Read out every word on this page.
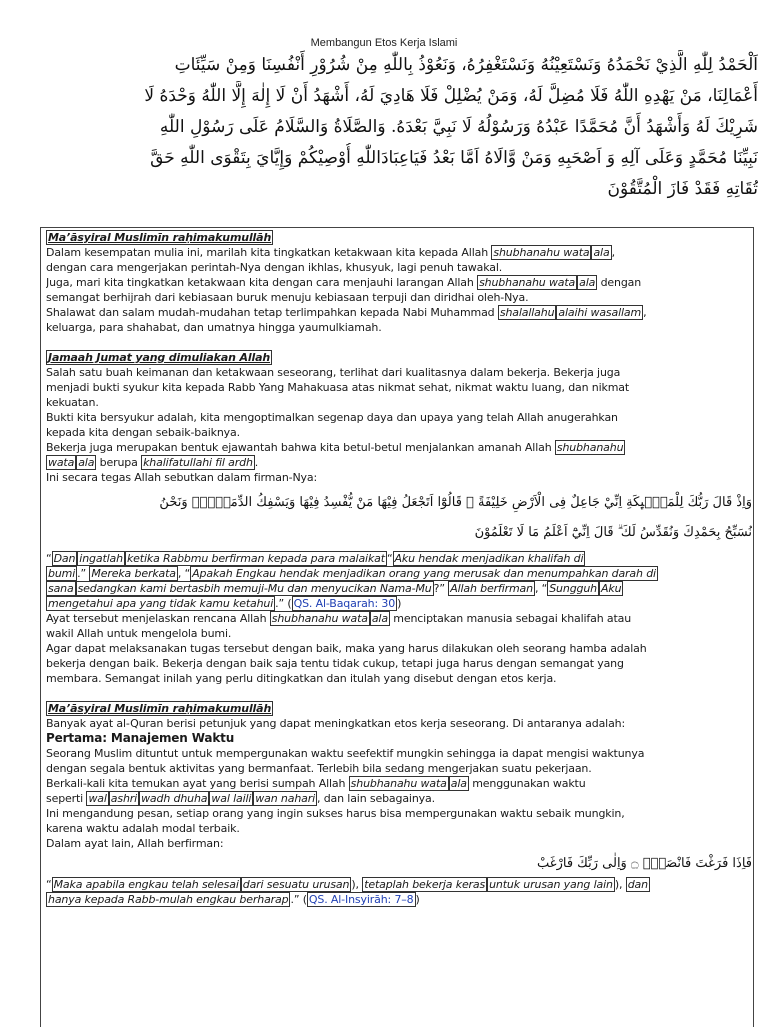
Membangun Etos Kerja Islami
اَلْحَمْدُ لِلّٰهِ الَّذِيْ نَحْمَدُهُ وَنَسْتَعِيْنُهُ وَنَسْتَغْفِرُهُ، وَنَعُوْذُ بِاللّٰهِ مِنْ شُرُوْرِ أَنْفُسِنَا وَمِنْ سَيِّئَاتِ
أَعْمَالِنَا، مَنْ يَهْدِهِ اللّٰهُ فَلَا مُضِلَّ لَهُ، وَمَنْ يُضْلِلْ فَلَا هَادِيَ لَهُ، أَشْهَدُ أَنْ لَا إِلٰهَ إِلَّا اللّٰهُ وَحْدَهُ لَا
شَرِيْكَ لَهُ وَأَشْهَدُ أَنَّ مُحَمَّدًا عَبْدُهُ وَرَسُوْلُهُ لَا نَبِيَّ بَعْدَهُ. وَالصَّلَاةُ وَالسَّلَامُ عَلَى رَسُوْلِ اللّٰهِ
نَبِيِّنَا مُحَمَّدٍ وَعَلَى آلِهِ وَ اَصْحَبِهِ وَمَنْ وَّالَاهُ اَمَّا بَعْدُ فَيَاعِبَادَاللّٰهِ أُوْصِيْكُمْ وَإِيَّايَ بِتَقْوَى اللّٰهِ حَقَّ
تُقَاتِهِ فَقَدْ فَازَ الْمُتَّقُوْنَ
Ma’āsyiral Muslimīn raḥimakumullāh
Dalam kesempatan mulia ini, marilah kita tingkatkan ketakwaan kita kepada Allah shubhanahu wata ala ,
dengan cara mengerjakan perintah-Nya dengan ikhlas, khusyuk, lagi penuh tawakal.
Juga, mari kita tingkatkan ketakwaan kita dengan cara menjauhi larangan Allah shubhanahu wata ala dengan
semangat berhijrah dari kebiasaan buruk menuju kebiasaan terpuji dan diridhai oleh-Nya.
Shalawat dan salam mudah-mudahan tetap terlimpahkan kepada Nabi Muhammad shalallahu alaihi wasallam ,
keluarga, para shahabat, dan umatnya hingga yaumulkiamah.
Jamaah Jumat yang dimuliakan Allah
Salah satu buah keimanan dan ketakwaan seseorang, terlihat dari kualitasnya dalam bekerja. Bekerja juga
menjadi bukti syukur kita kepada Rabb Yang Mahakuasa atas nikmat sehat, nikmat waktu luang, dan nikmat
kekuatan.
Bukti kita bersyukur adalah, kita mengoptimalkan segenap daya dan upaya yang telah Allah anugerahkan
kepada kita dengan sebaik-baiknya.
Bekerja juga merupakan bentuk ejawantah bahwa kita betul-betul menjalankan amanah Allah shubhanahu
wata ala berupa khalifatullahi fil ardh .
Ini secara tegas Allah sebutkan dalam firman-Nya:
وَاِذْ قَالَ رَبُّكَ لِلْمَلٰۤىِٕكَةِ اِنِّيْ جَاعِلٌ فِى الْاَرْضِ خَلِيْفَةً ۗ قَالُوْٓا اَتَجْعَلُ فِيْهَا مَنْ يُّفْسِدُ فِيْهَا وَيَسْفِكُ الدِّمَاۤءَۚ وَنَحْنُ
نُسَبِّحُ بِحَمْدِكَ وَنُقَدِّسُ لَكَ ۗ قَالَ اِنِّيْٓ اَعْلَمُ مَا لَا تَعْلَمُوْنَ
“ Dan ingatlah ketika Rabbmu berfirman kepada para malaikat “ Aku hendak menjadikan khalifah di
bumi .” Mereka berkata , “ Apakah Engkau hendak menjadikan orang yang merusak dan menumpahkan darah di
sana sedangkan kami bertasbih memuji-Mu dan menyucikan Nama-Mu ?” Allah berfirman , “ Sungguh Aku
mengetahui apa yang tidak kamu ketahui .” ( QS. Al-Baqarah: 30 )
Ayat tersebut menjelaskan rencana Allah shubhanahu wata ala menciptakan manusia sebagai khalifah atau
wakil Allah untuk mengelola bumi.
Agar dapat melaksanakan tugas tersebut dengan baik, maka yang harus dilakukan oleh seorang hamba adalah
bekerja dengan baik. Bekerja dengan baik saja tentu tidak cukup, tetapi juga harus dengan semangat yang
membara. Semangat inilah yang perlu ditingkatkan dan itulah yang disebut dengan etos kerja.
Ma’āsyiral Muslimīn raḥimakumullāh
Banyak ayat al-Quran berisi petunjuk yang dapat meningkatkan etos kerja seseorang. Di antaranya adalah:
Pertama: Manajemen Waktu
Seorang Muslim dituntut untuk mempergunakan waktu seefektif mungkin sehingga ia dapat mengisi waktunya
dengan segala bentuk aktivitas yang bermanfaat. Terlebih bila sedang mengerjakan suatu pekerjaan.
Berkali-kali kita temukan ayat yang berisi sumpah Allah shubhanahu wata ala menggunakan waktu
seperti wal ashri wadh dhuha wal laili wan nahari , dan lain sebagainya.
Ini mengandung pesan, setiap orang yang ingin sukses harus bisa mempergunakan waktu sebaik mungkin,
karena waktu adalah modal terbaik.
Dalam ayat lain, Allah berfirman:
فَاِذَا فَرَغْتَ فَانْصَبْۙ ۝ وَاِلٰى رَبِّكَ فَارْغَبْ
“ Maka apabila engkau telah selesai dari sesuatu urusan ), tetaplah bekerja keras untuk urusan yang lain ), dan
hanya kepada Rabb-mulah engkau berharap .” ( QS. Al-Insyirāh: 7–8 )
